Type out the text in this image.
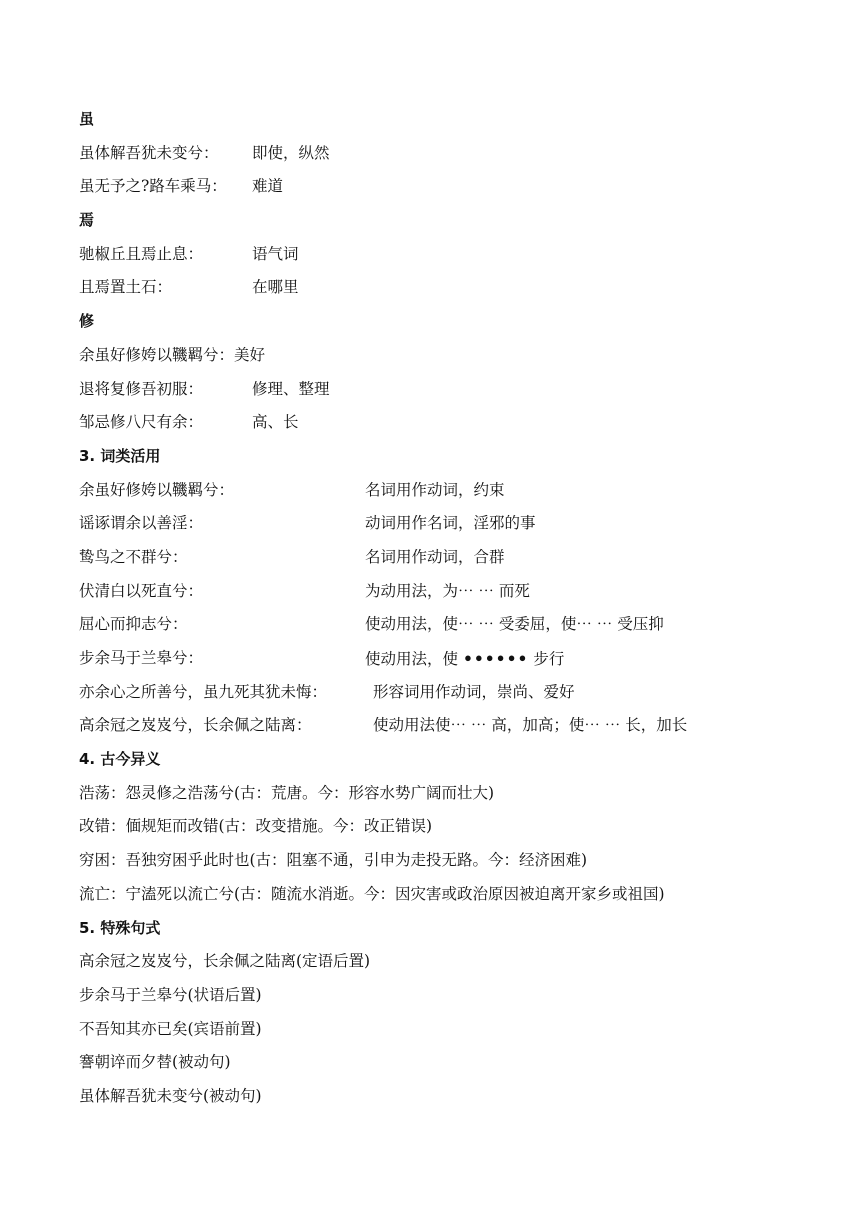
虽
虽体解吾犹未变兮： 即使，纵然
虽无予之?路车乘马： 难道
焉
驰椒丘且焉止息：	语气词
且焉置土石：	在哪里
修
余虽好修姱以鞿羁兮：美好
退将复修吾初服：	修理、整理
邹忌修八尺有余：	高、长
3. 词类活用
余虽好修姱以鞿羁兮：	名词用作动词，约束
谣诼谓余以善淫：	动词用作名词，淫邪的事
鸷鸟之不群兮：	名词用作动词，合群
伏清白以死直兮：	为动用法，为⋯ ⋯ 而死
屈心而抑志兮：	使动用法，使⋯ ⋯ 受委屈，使⋯ ⋯ 受压抑
步余马于兰皋兮：	使动用法，使 •••••• 步行
亦余心之所善兮，虽九死其犹未悔：	形容词用作动词，崇尚、爱好
高余冠之岌岌兮，长余佩之陆离：	使动用法使⋯ ⋯ 高，加高；使⋯ ⋯ 长，加长
4. 古今异义
浩荡：怨灵修之浩荡兮(古：荒唐。今：形容水势广阔而壮大)
改错：偭规矩而改错(古：改变措施。今：改正错误)
穷困：吾独穷困乎此时也(古：阻塞不通，引申为走投无路。今：经济困难)
流亡：宁溘死以流亡兮(古：随流水消逝。今：因灾害或政治原因被迫离开家乡或祖国)
5. 特殊句式
高余冠之岌岌兮，长余佩之陆离(定语后置)
步余马于兰皋兮(状语后置)
不吾知其亦已矣(宾语前置)
謇朝谇而夕替(被动句)
虽体解吾犹未变兮(被动句)
